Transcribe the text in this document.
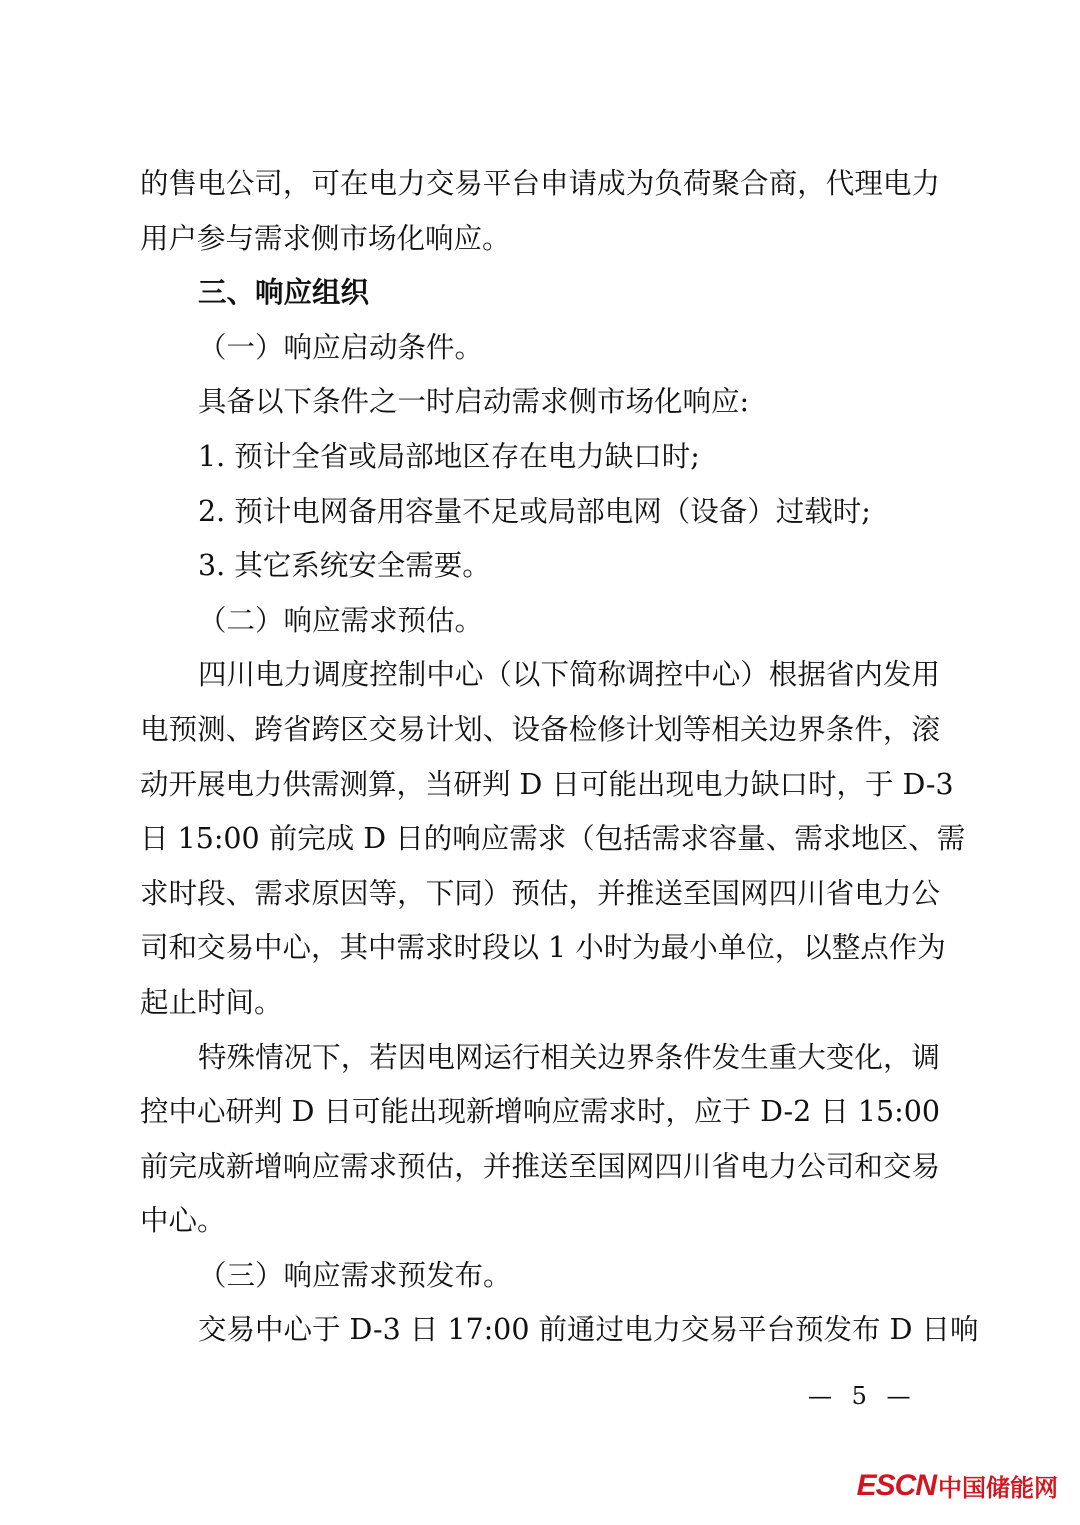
的售电公司，可在电力交易平台申请成为负荷聚合商，代理电力
用户参与需求侧市场化响应。
三、响应组织
（一）响应启动条件。
具备以下条件之一时启动需求侧市场化响应:
1. 预计全省或局部地区存在电力缺口时;
2. 预计电网备用容量不足或局部电网（设备）过载时;
3. 其它系统安全需要。
（二）响应需求预估。
四川电力调度控制中心（以下简称调控中心）根据省内发用
电预测、跨省跨区交易计划、设备检修计划等相关边界条件，滚
动开展电力供需测算，当研判 D 日可能出现电力缺口时，于 D-3
日 15:00 前完成 D 日的响应需求（包括需求容量、需求地区、需
求时段、需求原因等，下同）预估，并推送至国网四川省电力公
司和交易中心，其中需求时段以 1 小时为最小单位，以整点作为
起止时间。
特殊情况下，若因电网运行相关边界条件发生重大变化，调
控中心研判 D 日可能出现新增响应需求时，应于 D-2 日 15:00
前完成新增响应需求预估，并推送至国网四川省电力公司和交易
中心。
（三）响应需求预发布。
交易中心于 D-3 日 17:00 前通过电力交易平台预发布 D 日响
— 5 —
ESCN 中国储能网
